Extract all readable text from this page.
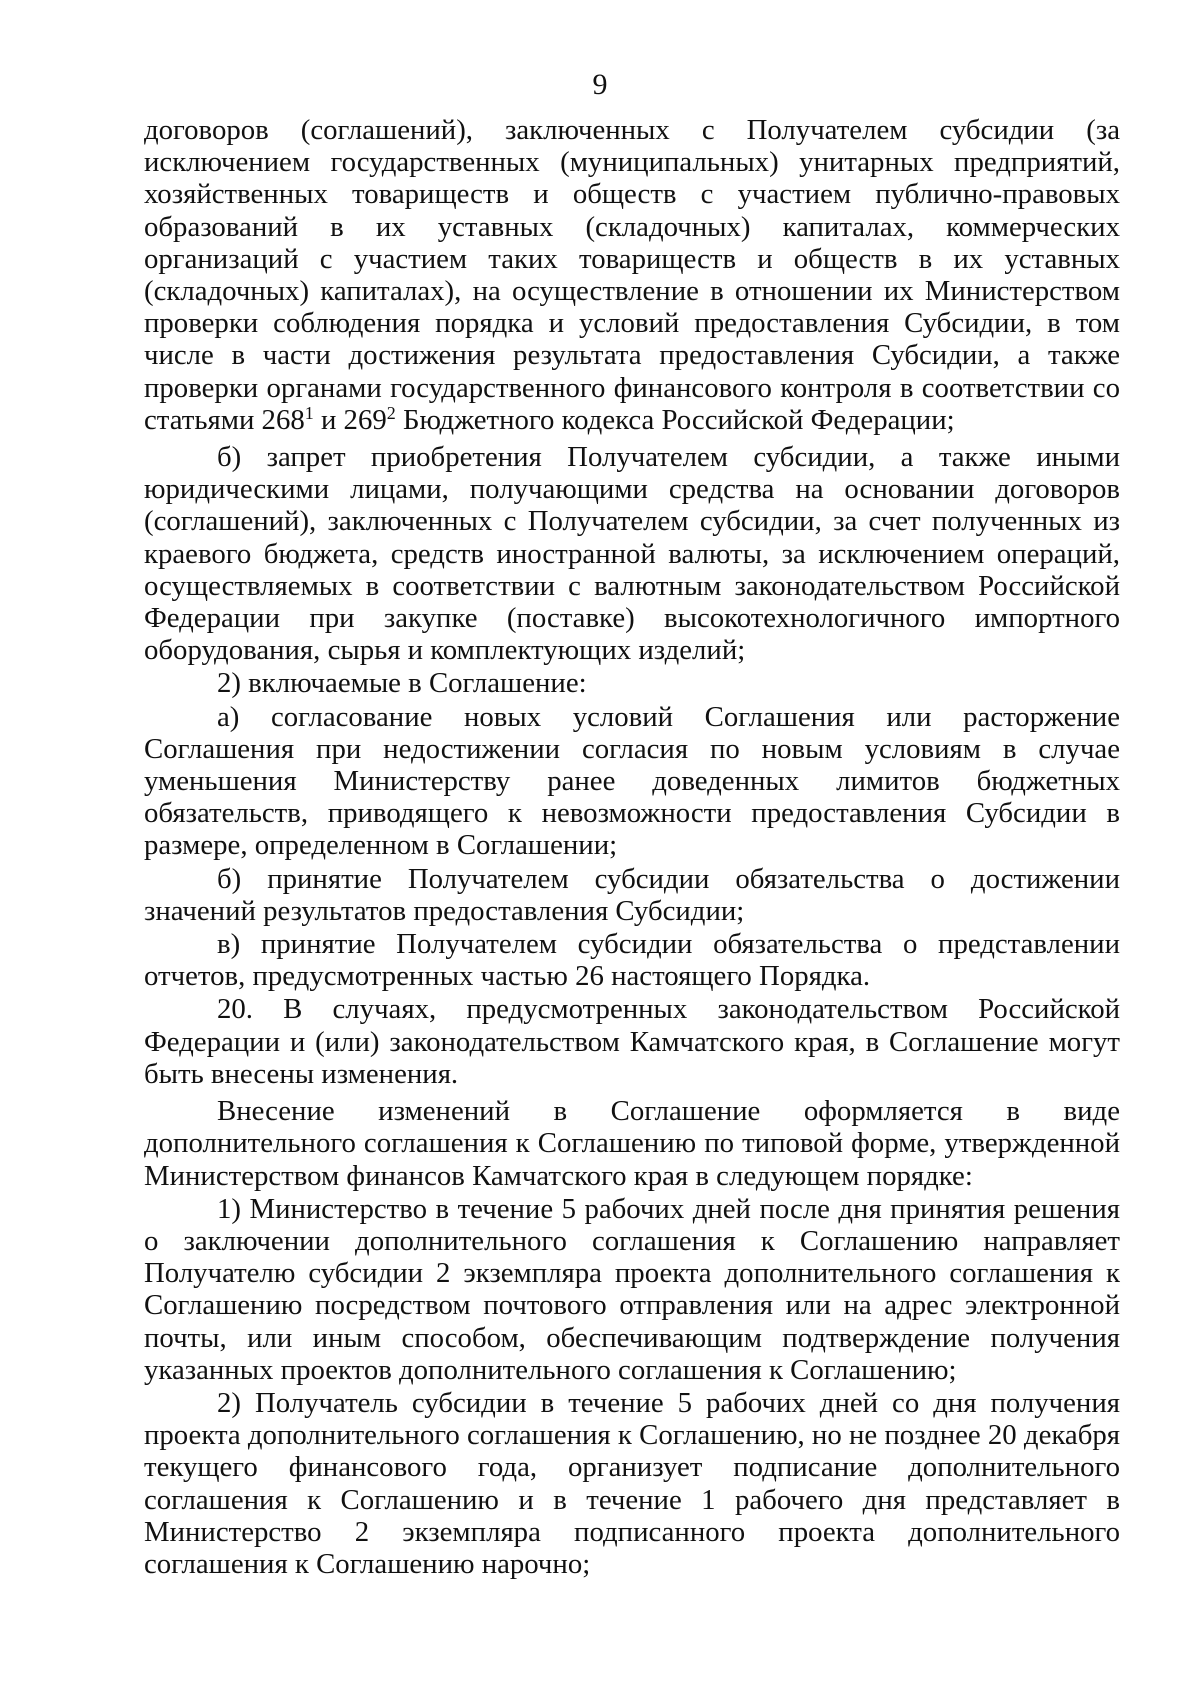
9

договоров (соглашений), заключенных с Получателем субсидии (за исключением государственных (муниципальных) унитарных предприятий, хозяйственных товариществ и обществ с участием публично-правовых образований в их уставных (складочных) капиталах, коммерческих организаций с участием таких товариществ и обществ в их уставных (складочных) капиталах), на осуществление в отношении их Министерством проверки соблюдения порядка и условий предоставления Субсидии, в том числе в части достижения результата предоставления Субсидии, а также проверки органами государственного финансового контроля в соответствии со статьями $268^1$ и $269^2$ Бюджетного кодекса Российской Федерации;

б) запрет приобретения Получателем субсидии, а также иными юридическими лицами, получающими средства на основании договоров (соглашений), заключенных с Получателем субсидии, за счет полученных из краевого бюджета, средств иностранной валюты, за исключением операций, осуществляемых в соответствии с валютным законодательством Российской Федерации при закупке (поставке) высокотехнологичного импортного оборудования, сырья и комплектующих изделий;

2) включаемые в Соглашение:

а) согласование новых условий Соглашения или расторжение Соглашения при недостижении согласия по новым условиям в случае уменьшения Министерству ранее доведенных лимитов бюджетных обязательств, приводящего к невозможности предоставления Субсидии в размере, определенном в Соглашении;

б) принятие Получателем субсидии обязательства о достижении значений результатов предоставления Субсидии;

в) принятие Получателем субсидии обязательства о представлении отчетов, предусмотренных частью 26 настоящего Порядка.

20. В случаях, предусмотренных законодательством Российской Федерации и (или) законодательством Камчатского края, в Соглашение могут быть внесены изменения.

Внесение изменений в Соглашение оформляется в виде дополнительного соглашения к Соглашению по типовой форме, утвержденной Министерством финансов Камчатского края в следующем порядке:

1) Министерство в течение 5 рабочих дней после дня принятия решения о заключении дополнительного соглашения к Соглашению направляет Получателю субсидии 2 экземпляра проекта дополнительного соглашения к Соглашению посредством почтового отправления или на адрес электронной почты, или иным способом, обеспечивающим подтверждение получения указанных проектов дополнительного соглашения к Соглашению;

2) Получатель субсидии в течение 5 рабочих дней со дня получения проекта дополнительного соглашения к Соглашению, но не позднее 20 декабря текущего финансового года, организует подписание дополнительного соглашения к Соглашению и в течение 1 рабочего дня представляет в Министерство 2 экземпляра подписанного проекта дополнительного соглашения к Соглашению нарочно;
